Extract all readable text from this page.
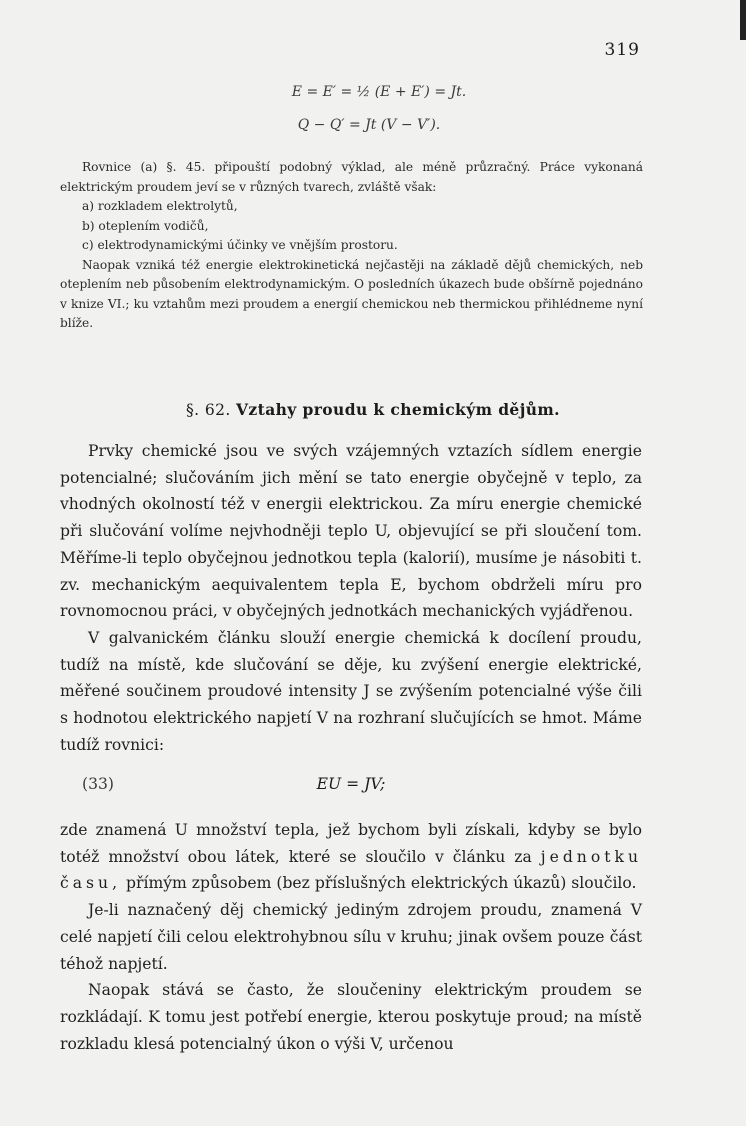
319
E = E′ = ½ (E + E′) = Jt.
Q − Q′ = Jt (V − V′).

Rovnice (a) §. 45. připouští podobný výklad, ale méně průzračný. Práce vykonaná elektrickým proudem jeví se v různých tvarech, zvláště však:

a) rozkladem elektrolytů,

b) oteplením vodičů,

c) elektrodynamickými účinky ve vnějším prostoru.

Naopak vzniká též energie elektrokinetická nejčastěji na základě dějů chemických, neb oteplením neb působením elektrodynamickým. O posledních úkazech bude obšírně pojednáno v knize VI.; ku vztahům mezi proudem a energií chemickou neb thermickou přihlédneme nyní blíže.

§. 62. Vztahy proudu k chemickým dějům.

Prvky chemické jsou ve svých vzájemných vztazích sídlem energie potencialné; slučováním jich mění se tato energie obyčejně v teplo, za vhodných okolností též v energii elektrickou. Za míru energie chemické při slučování volíme nejvhodněji teplo U, objevující se při sloučení tom. Měříme-li teplo obyčejnou jednotkou tepla (kalorií), musíme je násobiti t. zv. mechanickým aequivalentem tepla E, bychom obdrželi míru pro rovnomocnou práci, v obyčejných jednotkách mechanických vyjádřenou.

V galvanickém článku slouží energie chemická k docílení proudu, tudíž na místě, kde slučování se děje, ku zvýšení energie elektrické, měřené součinem proudové intensity J se zvýšením potencialné výše čili s hodnotou elektrického napjetí V na rozhraní slučujících se hmot. Máme tudíž rovnici:

(33)	EU = JV;

zde znamená U množství tepla, jež bychom byli získali, kdyby se bylo totéž množství obou látek, které se sloučilo v článku za jednotku času, přímým způsobem (bez příslušných elektrických úkazů) sloučilo.

Je-li naznačený děj chemický jediným zdrojem proudu, znamená V celé napjetí čili celou elektrohybnou sílu v kruhu; jinak ovšem pouze část téhož napjetí.

Naopak stává se často, že sloučeniny elektrickým proudem se rozkládají. K tomu jest potřebí energie, kterou poskytuje proud; na místě rozkladu klesá potencialný úkon o výši V, určenou
